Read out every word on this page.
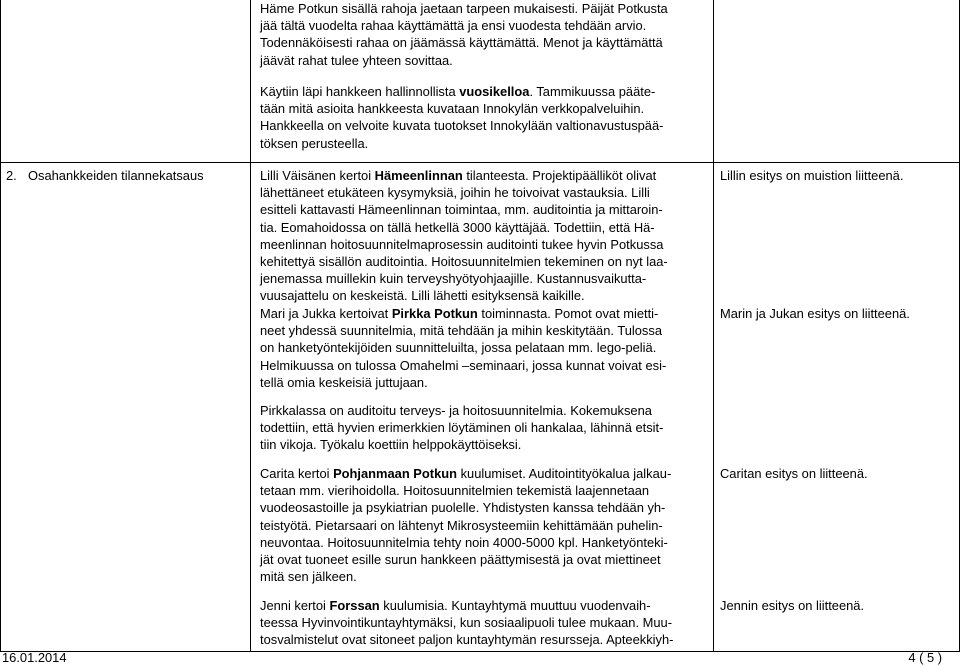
Häme Potkun sisällä rahoja jaetaan tarpeen mukaisesti. Päijät Potkusta
jää tältä vuodelta rahaa käyttämättä ja ensi vuodesta tehdään arvio.
Todennäköisesti rahaa on jäämässä käyttämättä. Menot ja käyttämättä
jäävät rahat tulee yhteen sovittaa.
Käytiin läpi hankkeen hallinnollista vuosikelloa. Tammikuussa pääte-
tään mitä asioita hankkeesta kuvataan Innokylän verkkopalveluihin.
Hankkeella on velvoite kuvata tuotokset Innokylään valtionavustuspää-
töksen perusteella.
2. Osahankkeiden tilannekatsaus	Lilli Väisänen kertoi Hämeenlinnan tilanteesta. Projektipäälliköt olivat
lähettäneet etukäteen kysymyksiä, joihin he toivoivat vastauksia. Lilli
esitteli kattavasti Hämeenlinnan toimintaa, mm. auditointia ja mittaroin-
tia. Eomahoidossa on tällä hetkellä 3000 käyttäjää. Todettiin, että Hä-
meenlinnan hoitosuunnitelmaprosessin auditointi tukee hyvin Potkussa
kehitettyä sisällön auditointia. Hoitosuunnitelmien tekeminen on nyt laa-
jenemassa muillekin kuin terveyshyötyohjaajille. Kustannusvaikutta-
vuusajattelu on keskeistä. Lilli lähetti esityksensä kaikille.
Lillin esitys on muistion liitteenä.
Mari ja Jukka kertoivat Pirkka Potkun toiminnasta. Pomot ovat mietti-
neet yhdessä suunnitelmia, mitä tehdään ja mihin keskitytään. Tulossa
on hanketyöntekijöiden suunnitteluilta, jossa pelataan mm. lego-peliä.
Helmikuussa on tulossa Omahelmi –seminaari, jossa kunnat voivat esi-
tellä omia keskeisiä juttujaan.
Marin ja Jukan esitys on liitteenä.
Pirkkalassa on auditoitu terveys- ja hoitosuunnitelmia. Kokemuksena
todettiin, että hyvien erimerkkien löytäminen oli hankalaa, lähinnä etsit-
tiin vikoja. Työkalu koettiin helppokäyttöiseksi.
Carita kertoi Pohjanmaan Potkun kuulumiset. Auditointityökalua jalkau-
tetaan mm. vierihoidolla. Hoitosuunnitelmien tekemistä laajennetaan
vuodeosastoille ja psykiatrian puolelle. Yhdistysten kanssa tehdään yh-
teistyötä. Pietarsaari on lähtenyt Mikrosysteemiin kehittämään puhelin-
neuvontaa. Hoitosuunnitelmia tehty noin 4000-5000 kpl. Hanketyönteki-
jät ovat tuoneet esille surun hankkeen päättymisestä ja ovat miettineet
mitä sen jälkeen.
Caritan esitys on liitteenä.
Jenni kertoi Forssan kuulumisia. Kuntayhtymä muuttuu vuodenvaih-
teessa Hyvinvointikuntayhtymäksi, kun sosiaalipuoli tulee mukaan. Muu-
tosvalmistelut ovat sitoneet paljon kuntayhtymän resursseja. Apteekkiyh-
Jennin esitys on liitteenä.
16.01.2014	4 ( 5 )
